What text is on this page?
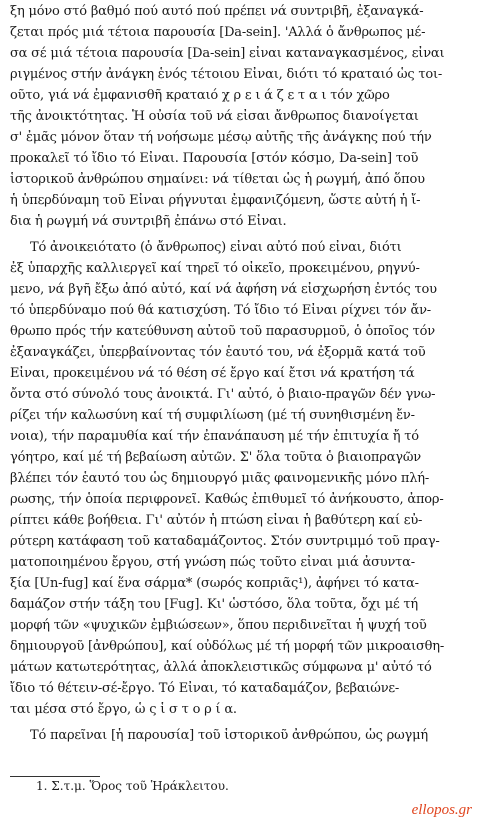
ξη μόνο στό βαθμό πού αυτό πού πρέπει νά συντριβῆ, ἐξαναγκά-
ζεται πρός μιά τέτοια παρουσία [Da-sein]. 'Αλλά ὁ ἄνθρωπος μέ-
σα σέ μιά τέτοια παρουσία [Da-sein] εἶναι καταναγκασμένος, εἶναι
ριγμένος στήν ἀνάγκη ἑνός τέτοιου Εἶναι, διότι τό κραταιό ὡς τοι-
οῦτο, γιά νά ἐμφανισθῆ κραταιό χ ρ ε ι ά ζ ε τ α ι τόν χῶρο
τῆς ἀνοικτότητας. Ἡ οὐσία τοῦ νά εἶσαι ἄνθρωπος διανοίγεται
σ' ἐμᾶς μόνον ὅταν τή νοήσωμε μέσῳ αὐτῆς τῆς ἀνάγκης πού τήν
προκαλεῖ τό ἴδιο τό Εἶναι. Παρουσία [στόν κόσμο, Da-sein] τοῦ
ἱστορικοῦ ἀνθρώπου σημαίνει: νά τίθεται ὡς ἡ ρωγμή, ἀπό ὅπου
ἡ ὑπερδύναμη τοῦ Εἶναι ρήγνυται ἐμφανιζόμενη, ὥστε αὐτή ἡ ἴ-
δια ἡ ρωγμή νά συντριβῆ ἐπάνω στό Εἶναι.
Τό ἀνοικειότατο (ὁ ἄνθρωπος) εἶναι αὐτό πού εἶναι, διότι
ἐξ ὑπαρχῆς καλλιεργεῖ καί τηρεῖ τό οἰκεῖο, προκειμένου, ρηγνύ-
μενο, νά βγῆ ἔξω ἀπό αὐτό, καί νά ἀφήση νά εἰσχωρήση ἐντός του
τό ὑπερδύναμο πού θά κατισχύση. Τό ἴδιο τό Εἶναι ρίχνει τόν ἄν-
θρωπο πρός τήν κατεύθυνση αὐτοῦ τοῦ παρασυρμοῦ, ὁ ὁποῖος τόν
ἐξαναγκάζει, ὑπερβαίνοντας τόν ἑαυτό του, νά ἐξορμᾶ κατά τοῦ
Εἶναι, προκειμένου νά τό θέση σέ ἔργο καί ἔτσι νά κρατήση τά
ὄντα στό σύνολό τους ἀνοικτά. Γι' αὐτό, ὁ βιαιο-πραγῶν δέν γνω-
ρίζει τήν καλωσύνη καί τή συμφιλίωση (μέ τή συνηθισμένη ἔν-
νοια), τήν παραμυθία καί τήν ἐπανάπαυση μέ τήν ἐπιτυχία ἤ τό
γόητρο, καί μέ τή βεβαίωση αὐτῶν. Σ' ὅλα τοῦτα ὁ βιαιοπραγῶν
βλέπει τόν ἑαυτό του ὡς δημιουργό μιᾶς φαινομενικῆς μόνο πλή-
ρωσης, τήν ὁποία περιφρονεῖ. Καθώς ἐπιθυμεῖ τό ἀνήκουστο, ἀπορ-
ρίπτει κάθε βοήθεια. Γι' αὐτόν ἡ πτώση εἶναι ἡ βαθύτερη καί εὐ-
ρύτερη κατάφαση τοῦ καταδαμάζοντος. Στόν συντριμμό τοῦ πραγ-
ματοποιημένου ἔργου, στή γνώση πώς τοῦτο εἶναι μιά ἀσυντα-
ξία [Un-fug] καί ἕνα σάρμα* (σωρός κοπριᾶς¹), ἀφήνει τό κατα-
δαμάζον στήν τάξη του [Fug]. Κι' ὡστόσο, ὅλα τοῦτα, ὄχι μέ τή
μορφή τῶν «ψυχικῶν ἐμβιώσεων», ὅπου περιδινεῖται ἡ ψυχή τοῦ
δημιουργοῦ [ἀνθρώπου], καί οὐδόλως μέ τή μορφή τῶν μικροαισθη-
μάτων κατωτερότητας, ἀλλά ἀποκλειστικῶς σύμφωνα μ' αὐτό τό
ἴδιο τό θέτειν-σέ-ἔργο. Τό Εἶναι, τό καταδαμάζον, βεβαιώνε-
ται μέσα στό ἔργο, ὡ ς ἱ σ τ ο ρ ί α.
Τό παρεῖναι [ἡ παρουσία] τοῦ ἱστορικοῦ ἀνθρώπου, ὡς ρωγμή
1. Σ.τ.μ. Ὅρος τοῦ Ἡράκλειτου.
ellopos.gr
